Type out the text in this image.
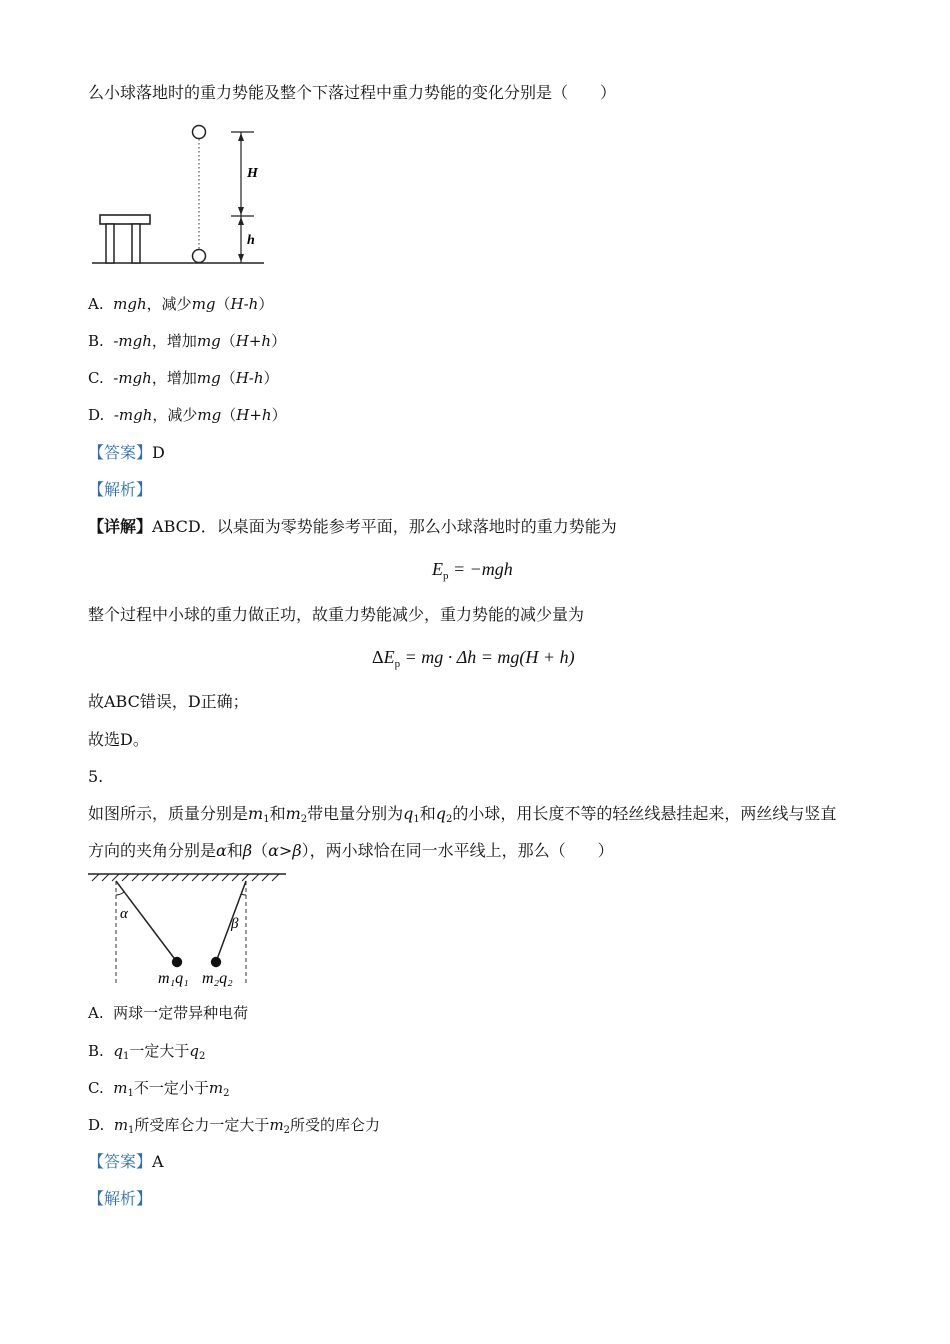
么小球落地时的重力势能及整个下落过程中重力势能的变化分别是（　　）
H
h
A. mgh，减少mg（H-h）
B. -mgh，增加mg（H+h）
C. -mgh，增加mg（H-h）
D. -mgh，减少mg（H+h）
【答案】D
【解析】
【详解】ABCD．以桌面为零势能参考平面，那么小球落地时的重力势能为
$E_p = -mgh$
整个过程中小球的重力做正功，故重力势能减少，重力势能的减少量为
$\Delta E_p$ = mg · Δh = mg(H + h)
故ABC错误，D正确；
故选D。
5.
如图所示，质量分别是m1和m2带电量分别为q1和q2的小球，用长度不等的轻丝线悬挂起来，两丝线与竖直
方向的夹角分别是α和β（α>β），两小球恰在同一水平线上，那么（　　）
α
β
m₁q₁ m₂q₂
A. 两球一定带异种电荷
B. $q_1$一定大于$q_2$
C. $m_1$不一定小于$m_2$
D. $m_1$所受库仑力一定大于$m_2$所受的库仑力
【答案】A
【解析】
